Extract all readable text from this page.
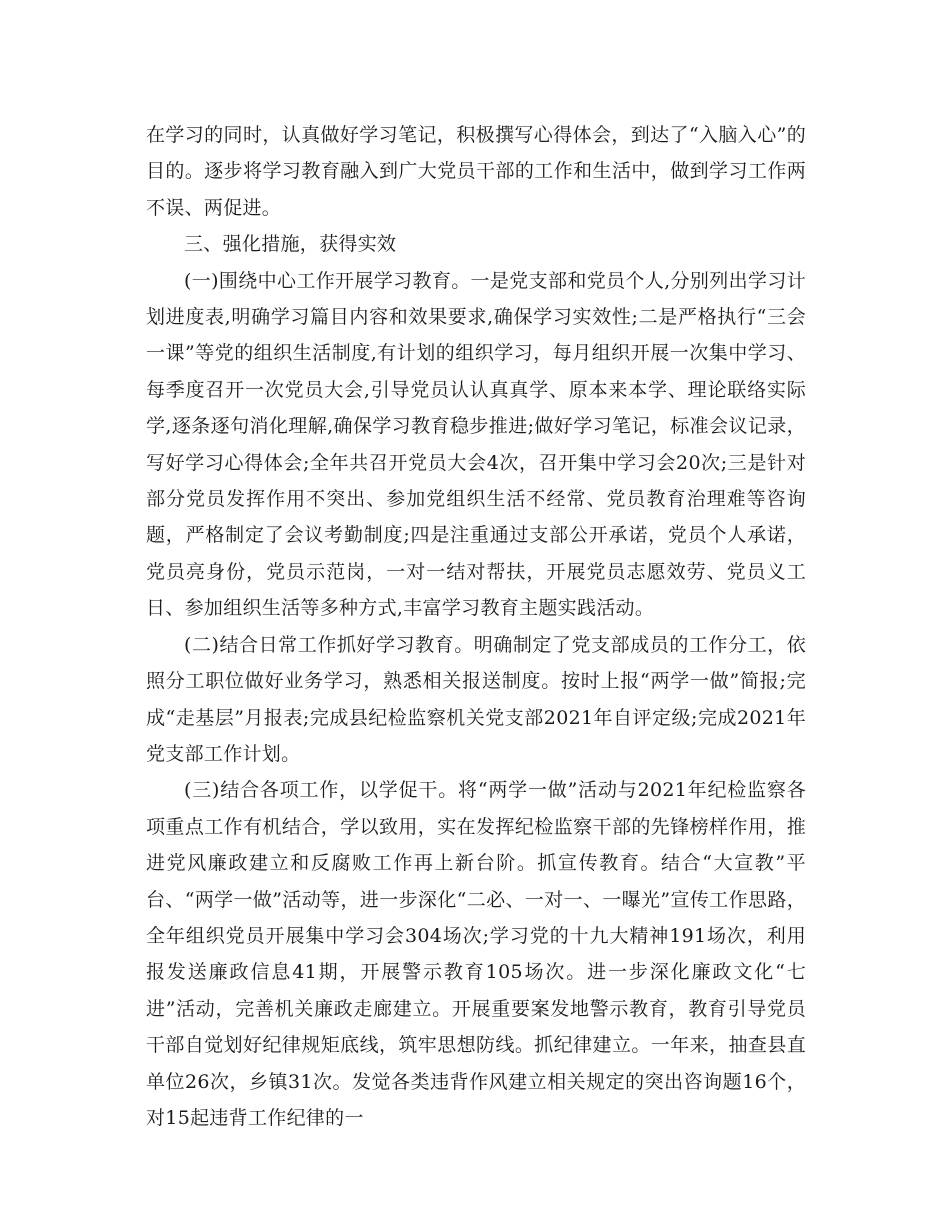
在学习的同时，认真做好学习笔记，积极撰写心得体会，到达了“入脑入心”的目的。逐步将学习教育融入到广大党员干部的工作和生活中，做到学习工作两不误、两促进。

三、强化措施，获得实效

(一)围绕中心工作开展学习教育。一是党支部和党员个人,分别列出学习计划进度表,明确学习篇目内容和效果要求,确保学习实效性;二是严格执行“三会一课”等党的组织生活制度,有计划的组织学习，每月组织开展一次集中学习、每季度召开一次党员大会,引导党员认认真真学、原本来本学、理论联络实际学,逐条逐句消化理解,确保学习教育稳步推进;做好学习笔记，标准会议记录，写好学习心得体会;全年共召开党员大会4次，召开集中学习会20次;三是针对部分党员发挥作用不突出、参加党组织生活不经常、党员教育治理难等咨询题，严格制定了会议考勤制度;四是注重通过支部公开承诺，党员个人承诺，党员亮身份，党员示范岗，一对一结对帮扶，开展党员志愿效劳、党员义工日、参加组织生活等多种方式,丰富学习教育主题实践活动。

(二)结合日常工作抓好学习教育。明确制定了党支部成员的工作分工，依照分工职位做好业务学习，熟悉相关报送制度。按时上报“两学一做”简报;完成“走基层”月报表;完成县纪检监察机关党支部2021年自评定级;完成2021年党支部工作计划。

(三)结合各项工作，以学促干。将“两学一做”活动与2021年纪检监察各项重点工作有机结合，学以致用，实在发挥纪检监察干部的先锋榜样作用，推进党风廉政建立和反腐败工作再上新台阶。抓宣传教育。结合“大宣教”平台、“两学一做”活动等，进一步深化“二必、一对一、一曝光”宣传工作思路，全年组织党员开展集中学习会304场次;学习党的十九大精神191场次，利用报发送廉政信息41期，开展警示教育105场次。进一步深化廉政文化“七进”活动，完善机关廉政走廊建立。开展重要案发地警示教育，教育引导党员干部自觉划好纪律规矩底线，筑牢思想防线。抓纪律建立。一年来，抽查县直单位26次，乡镇31次。发觉各类违背作风建立相关规定的突出咨询题16个，对15起违背工作纪律的一
